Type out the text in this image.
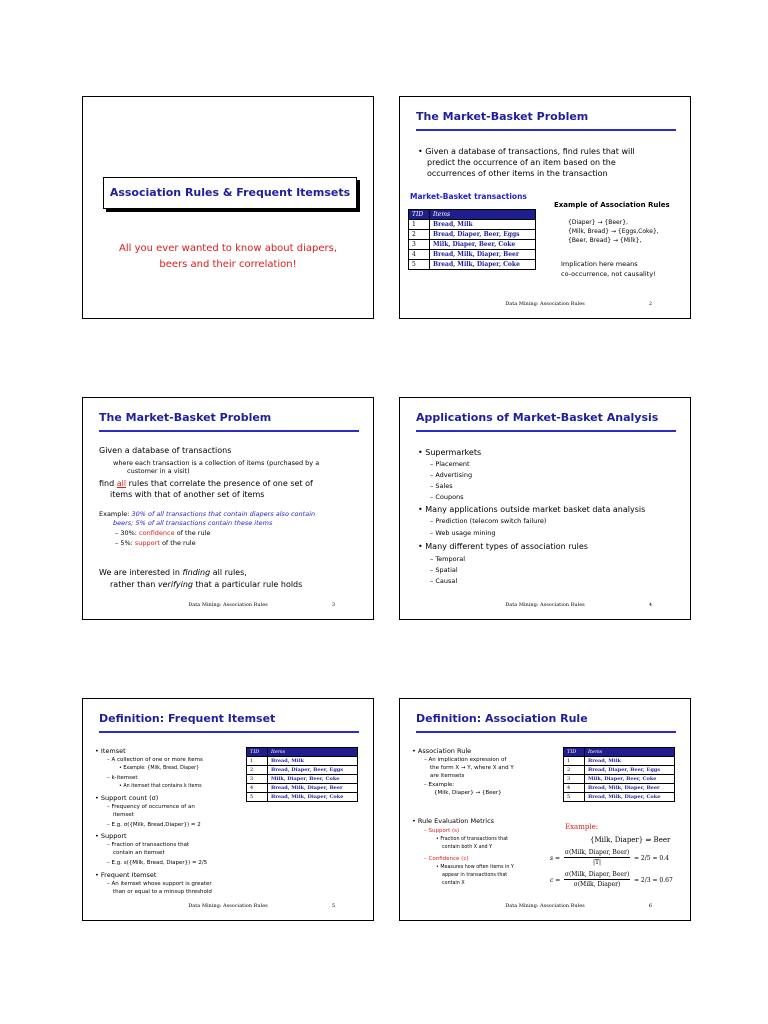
Association Rules & Frequent Itemsets
All you ever wanted to know about diapers,
beers and their correlation!
The Market-Basket Problem
• Given a database of transactions, find rules that will
predict the occurrence of an item based on the
occurrences of other items in the transaction
Market-Basket transactions
TID	Items
1	Bread, Milk
2	Bread, Diaper, Beer, Eggs
3	Milk, Diaper, Beer, Coke
4	Bread, Milk, Diaper, Beer
5	Bread, Milk, Diaper, Coke
Example of Association Rules
{Diaper} → {Beer},
{Milk, Bread} → {Eggs,Coke},
{Beer, Bread} → {Milk},
Implication here means
co-occurrence, not causality!
Data Mining: Association Rules	2
The Market-Basket Problem
Given a database of transactions
where each transaction is a collection of items (purchased by a
customer in a visit)
find all rules that correlate the presence of one set of
items with that of another set of items
Example: 30% of all transactions that contain diapers also contain
beers; 5% of all transactions contain these items
– 30%: confidence of the rule
– 5%: support of the rule
We are interested in finding all rules,
rather than verifying that a particular rule holds
Data Mining: Association Rules	3
Applications of Market-Basket Analysis
• Supermarkets
– Placement
– Advertising
– Sales
– Coupons
• Many applications outside market basket data analysis
– Prediction (telecom switch failure)
– Web usage mining
• Many different types of association rules
– Temporal
– Spatial
– Causal
Data Mining: Association Rules	4
Definition: Frequent Itemset
• Itemset
– A collection of one or more items
• Example: {Milk, Bread, Diaper}
– k-itemset
• An itemset that contains k items
• Support count (σ)
– Frequency of occurrence of an
itemset
– E.g. σ({Milk, Bread,Diaper}) = 2
• Support
– Fraction of transactions that
contain an itemset
– E.g. s({Milk, Bread, Diaper}) = 2/5
• Frequent Itemset
– An itemset whose support is greater
than or equal to a minsup threshold
TID	Items
1	Bread, Milk
2	Bread, Diaper, Beer, Eggs
3	Milk, Diaper, Beer, Coke
4	Bread, Milk, Diaper, Beer
5	Bread, Milk, Diaper, Coke
Data Mining: Association Rules	5
Definition: Association Rule
• Association Rule
– An implication expression of
the form X → Y, where X and Y
are itemsets
– Example:
{Milk, Diaper} → {Beer}
• Rule Evaluation Metrics
– Support (s)
• Fraction of transactions that
contain both X and Y
– Confidence (c)
• Measures how often items in Y
appear in transactions that
contain X
TID	Items
1	Bread, Milk
2	Bread, Diaper, Beer, Eggs
3	Milk, Diaper, Beer, Coke
4	Bread, Milk, Diaper, Beer
5	Bread, Milk, Diaper, Coke
Example:
{Milk, Diaper} ⇒ Beer
s =
σ(Milk, Diaper, Beer)
|T|
= 2/5 = 0.4
c =
σ(Milk, Diaper, Beer)
σ(Milk, Diaper)
= 2/3 = 0.67
Data Mining: Association Rules	6
